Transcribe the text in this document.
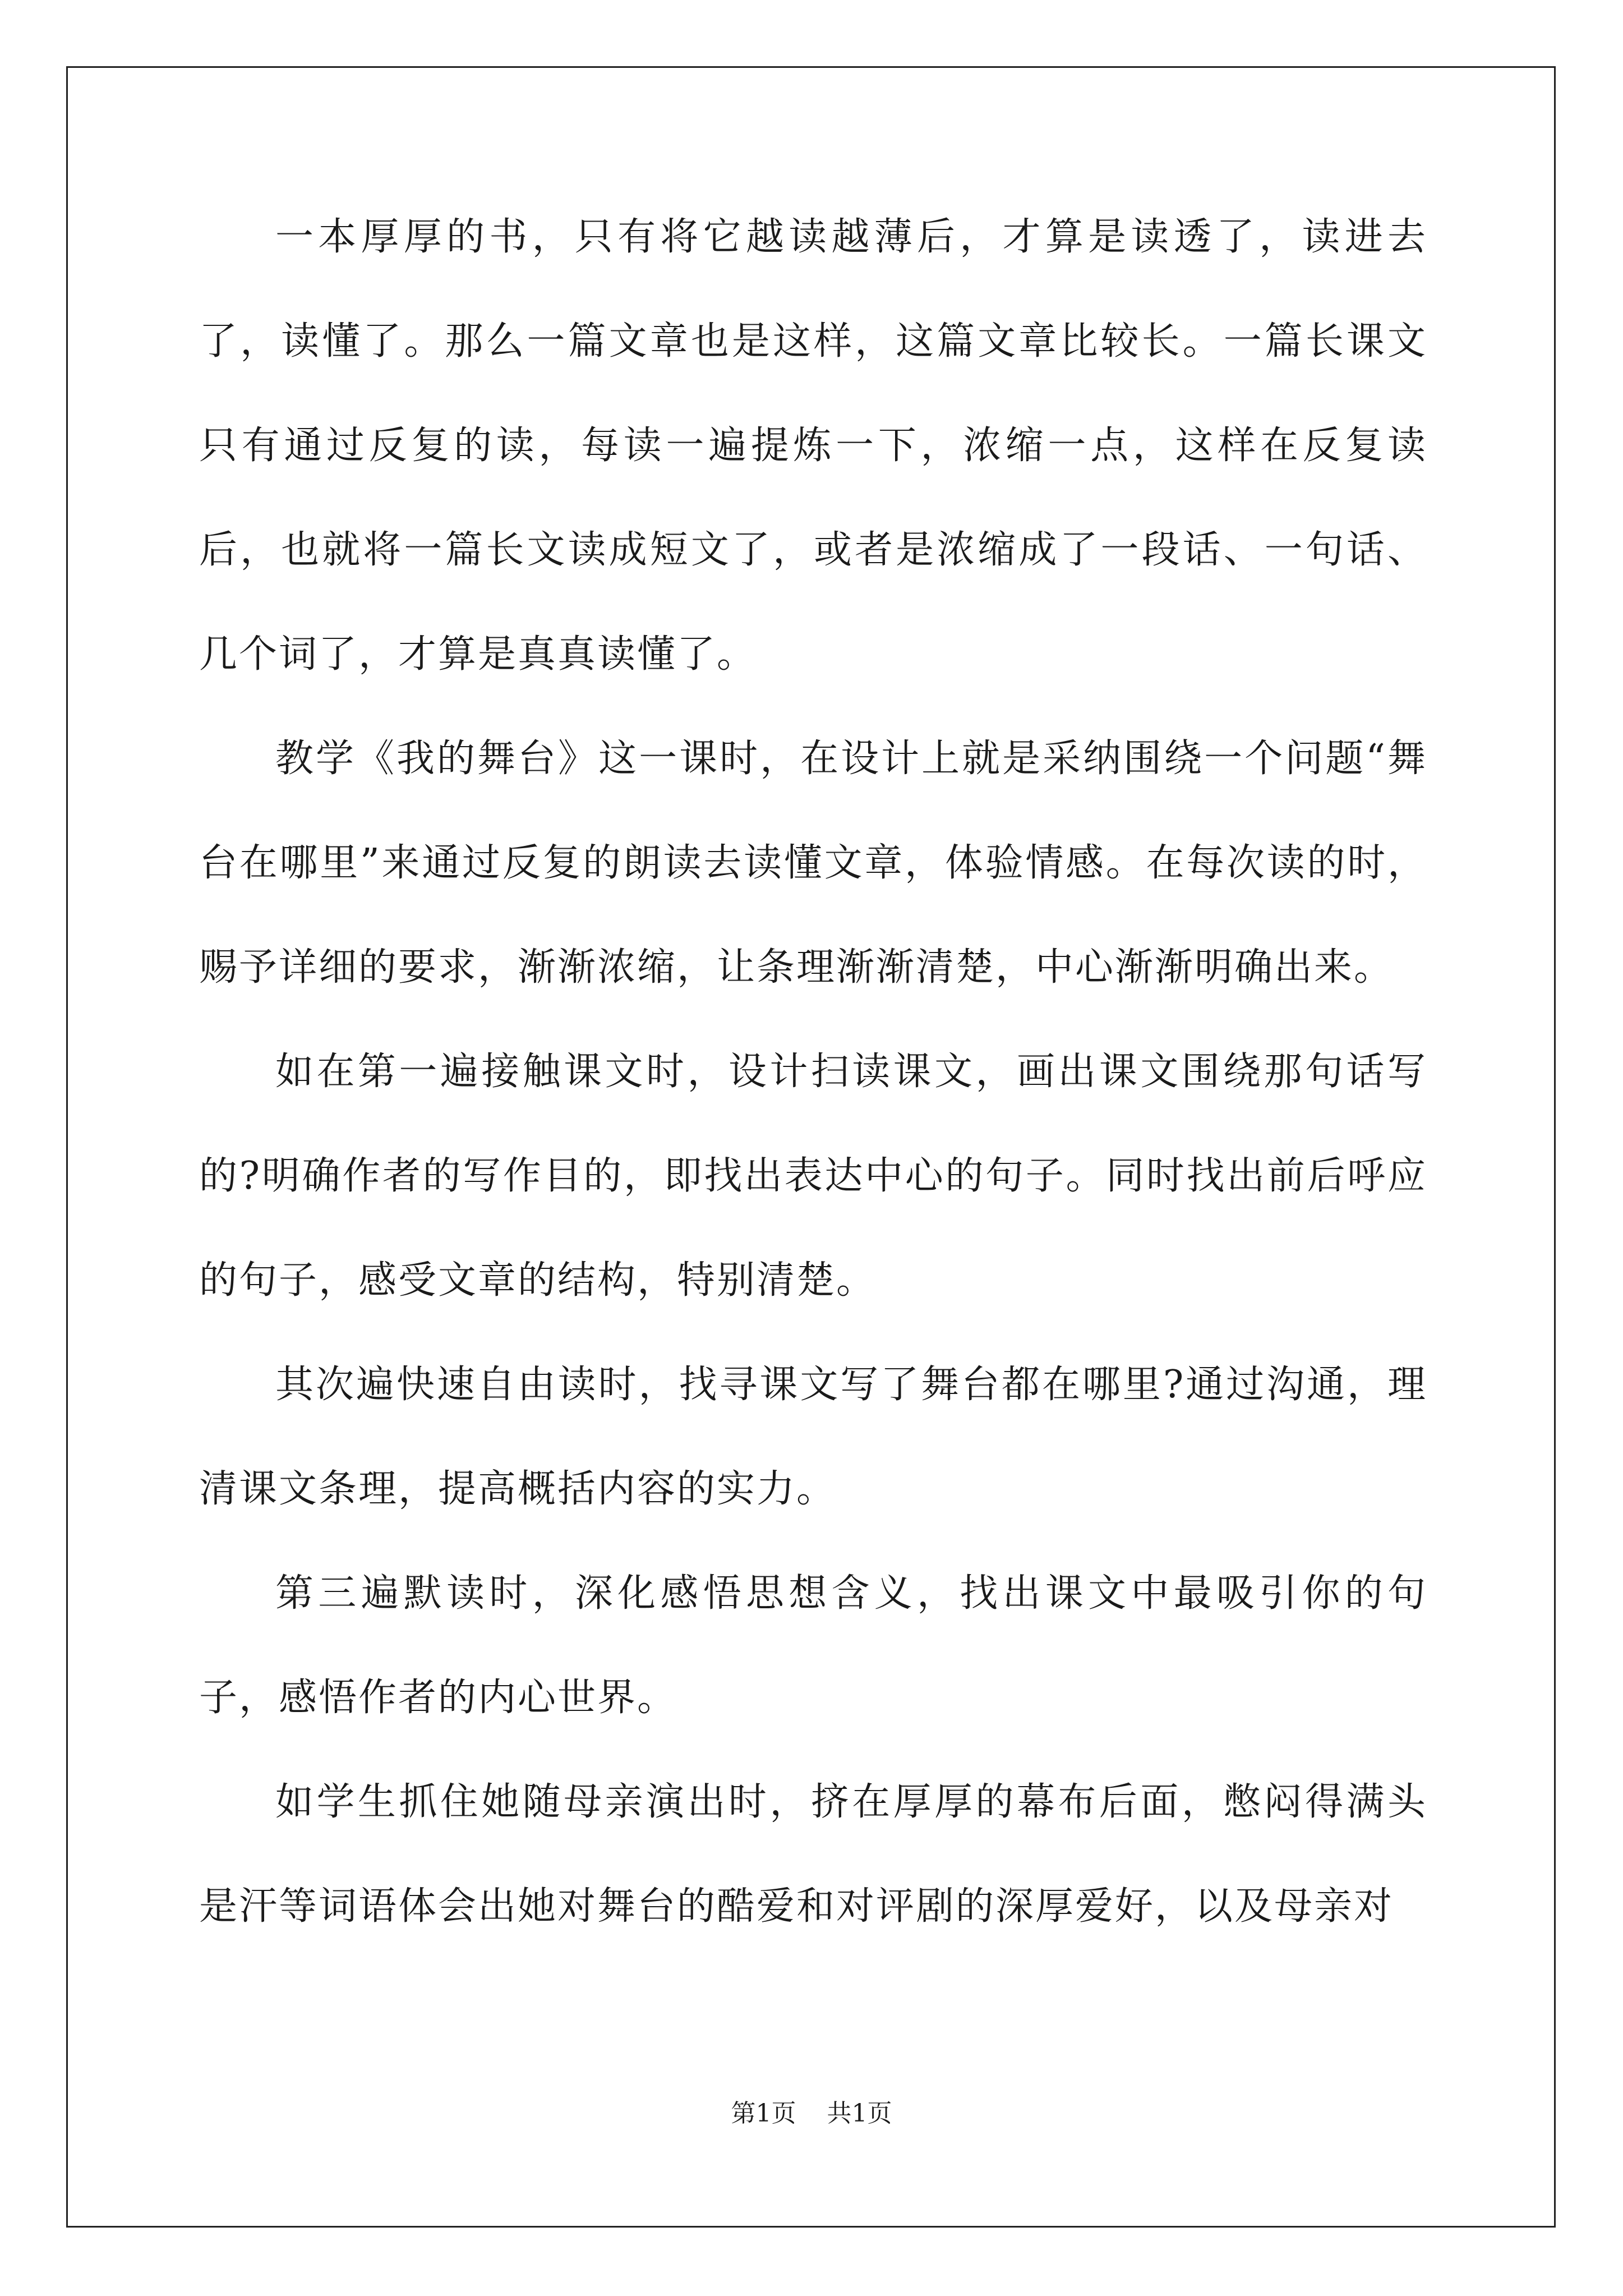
一本厚厚的书，只有将它越读越薄后，才算是读透了，读进去了，读懂了。那么一篇文章也是这样，这篇文章比较长。一篇长课文只有通过反复的读，每读一遍提炼一下，浓缩一点，这样在反复读后，也就将一篇长文读成短文了，或者是浓缩成了一段话、一句话、几个词了，才算是真真读懂了。

教学《我的舞台》这一课时，在设计上就是采纳围绕一个问题“舞台在哪里”来通过反复的朗读去读懂文章，体验情感。在每次读的时，赐予详细的要求，渐渐浓缩，让条理渐渐清楚，中心渐渐明确出来。

如在第一遍接触课文时，设计扫读课文，画出课文围绕那句话写的?明确作者的写作目的，即找出表达中心的句子。同时找出前后呼应的句子，感受文章的结构，特别清楚。

其次遍快速自由读时，找寻课文写了舞台都在哪里?通过沟通，理清课文条理，提高概括内容的实力。

第三遍默读时，深化感悟思想含义，找出课文中最吸引你的句子，感悟作者的内心世界。

如学生抓住她随母亲演出时，挤在厚厚的幕布后面，憋闷得满头是汗等词语体会出她对舞台的酷爱和对评剧的深厚爱好，以及母亲对

第1页 共1页
